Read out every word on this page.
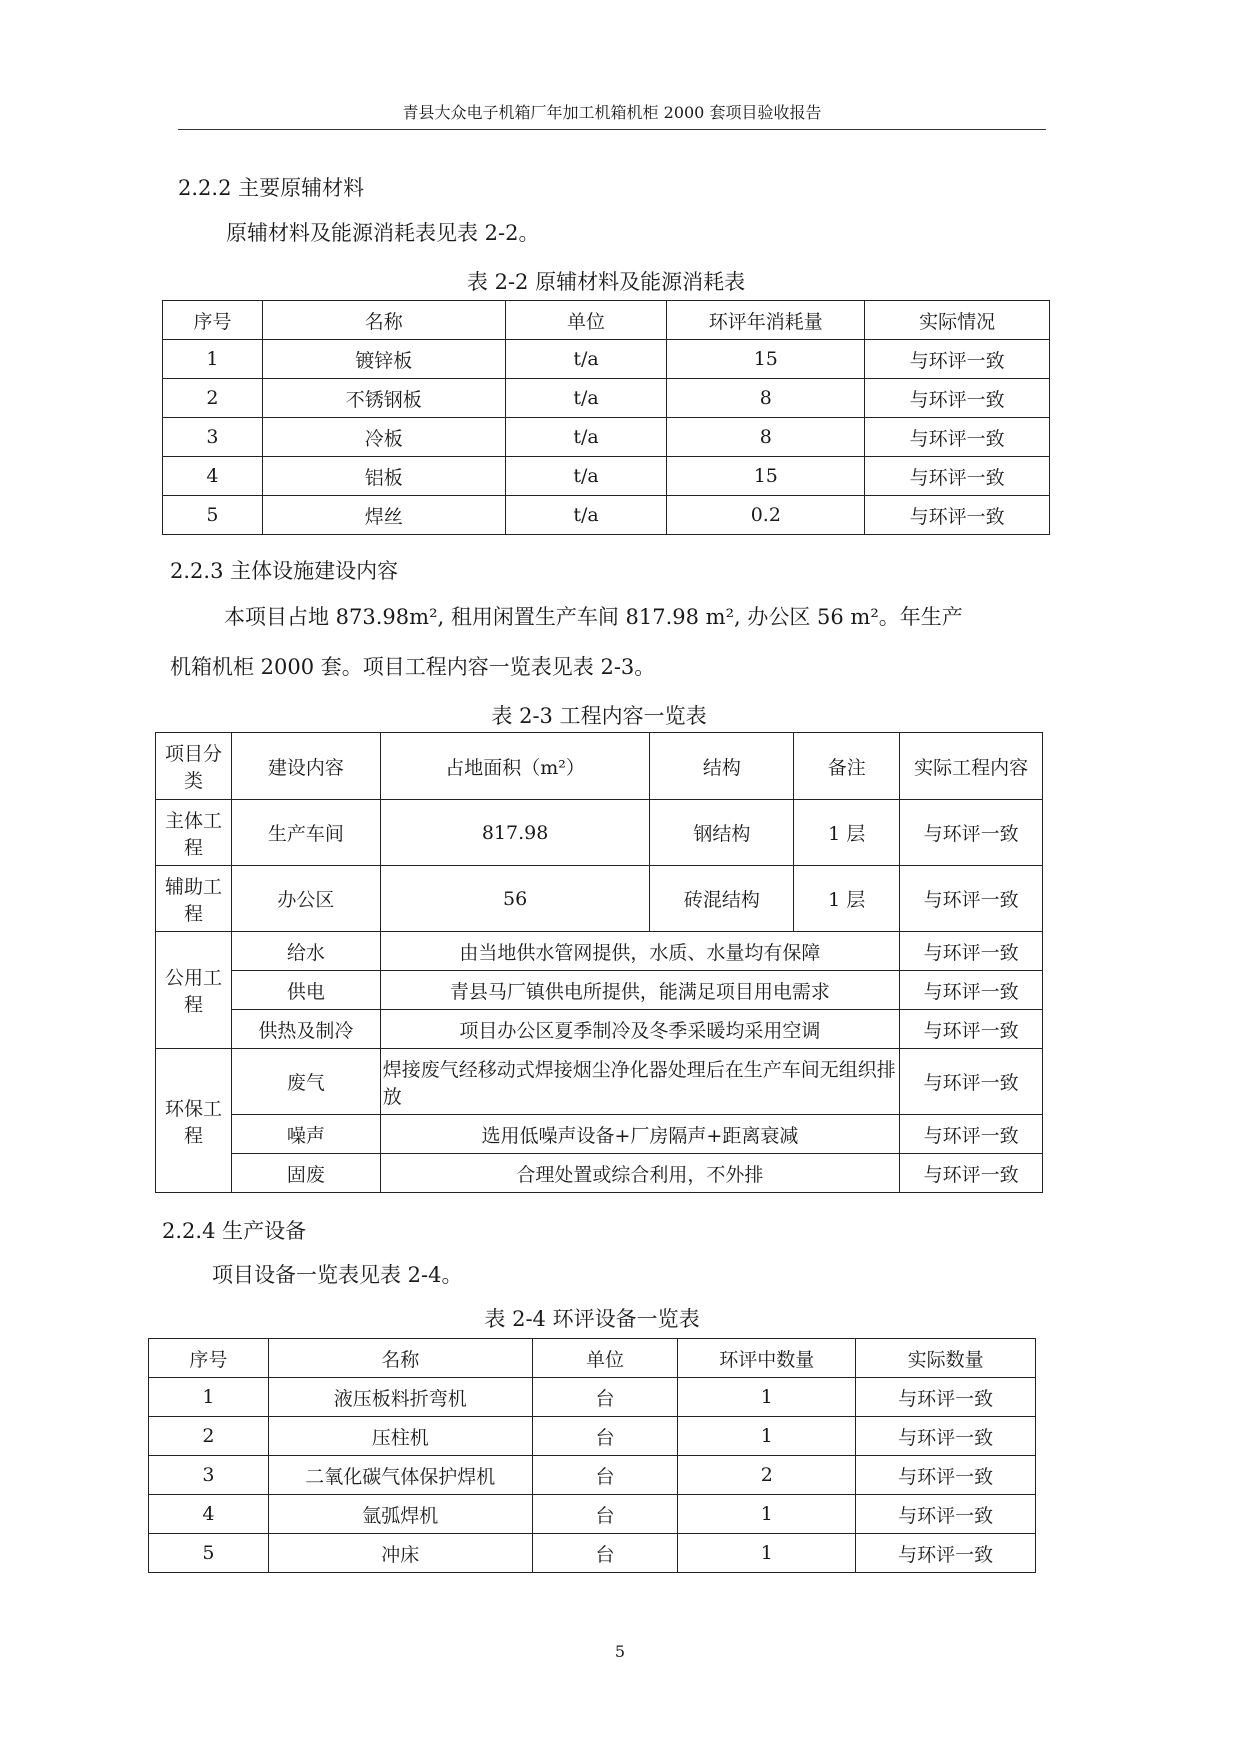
青县大众电子机箱厂年加工机箱机柜 2000 套项目验收报告
2.2.2 主要原辅材料
原辅材料及能源消耗表见表 2-2。
表 2-2 原辅材料及能源消耗表
序号	名称	单位	环评年消耗量	实际情况
1	镀锌板	t/a	15	与环评一致
2	不锈钢板	t/a	8	与环评一致
3	冷板	t/a	8	与环评一致
4	铝板	t/a	15	与环评一致
5	焊丝	t/a	0.2	与环评一致
2.2.3 主体设施建设内容
本项目占地 873.98m², 租用闲置生产车间 817.98 m², 办公区 56 m²。年生产
机箱机柜 2000 套。项目工程内容一览表见表 2-3。
表 2-3 工程内容一览表
项目分类	建设内容	占地面积（m²）	结构	备注	实际工程内容
主体工程	生产车间	817.98	钢结构	1 层	与环评一致
辅助工程	办公区	56	砖混结构	1 层	与环评一致
公用工程	给水	由当地供水管网提供，水质、水量均有保障			与环评一致
	供电	青县马厂镇供电所提供，能满足项目用电需求			与环评一致
	供热及制冷	项目办公区夏季制冷及冬季采暖均采用空调			与环评一致
环保工程	废气	焊接废气经移动式焊接烟尘净化器处理后在生产车间无组织排放			与环评一致
	噪声	选用低噪声设备+厂房隔声+距离衰减			与环评一致
	固废	合理处置或综合利用，不外排			与环评一致
2.2.4 生产设备
项目设备一览表见表 2-4。
表 2-4 环评设备一览表
序号	名称	单位	环评中数量	实际数量
1	液压板料折弯机	台	1	与环评一致
2	压柱机	台	1	与环评一致
3	二氧化碳气体保护焊机	台	2	与环评一致
4	氩弧焊机	台	1	与环评一致
5	冲床	台	1	与环评一致
5
